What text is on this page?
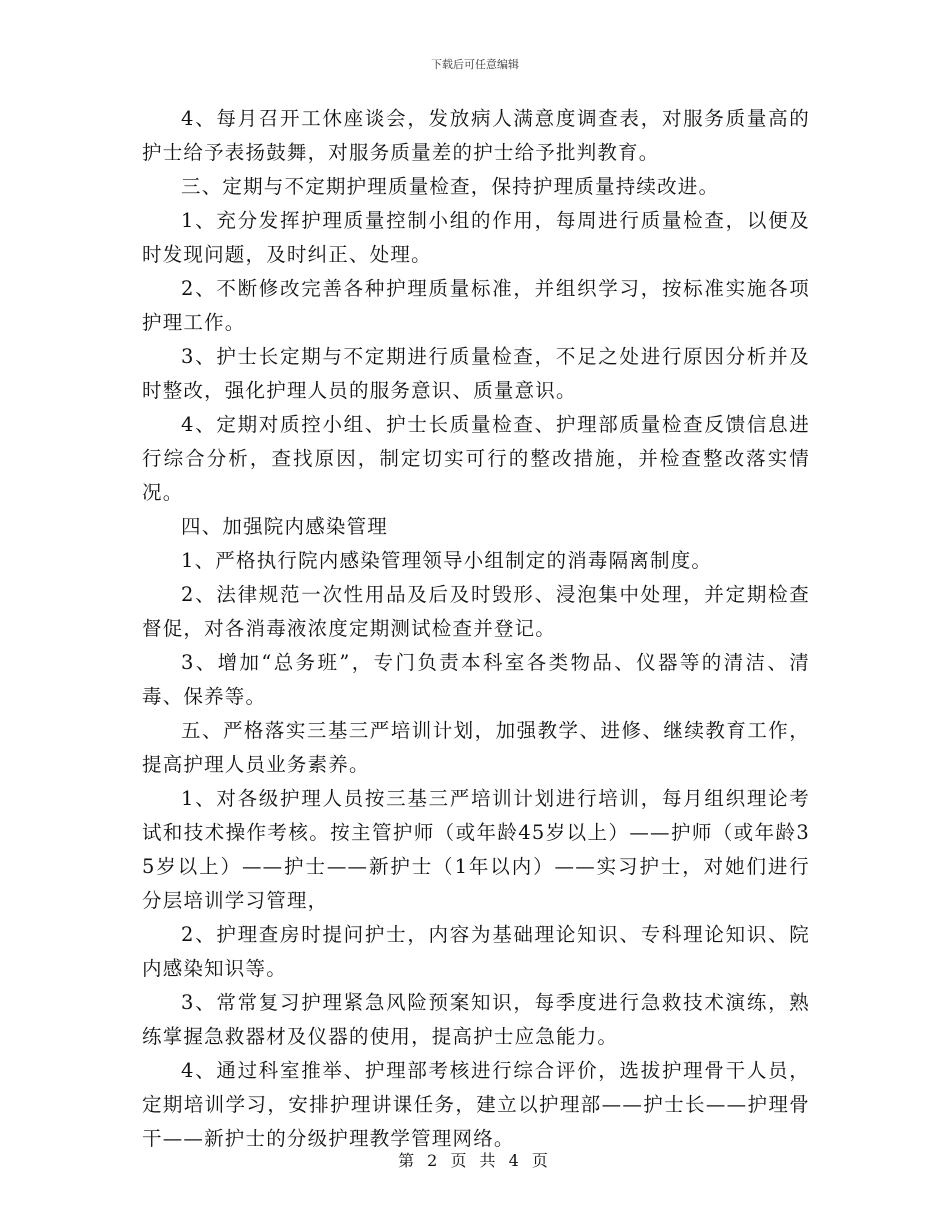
下载后可任意编辑

4、每月召开工休座谈会，发放病人满意度调查表，对服务质量高的护士给予表扬鼓舞，对服务质量差的护士给予批判教育。

三、定期与不定期护理质量检查，保持护理质量持续改进。

1、充分发挥护理质量控制小组的作用，每周进行质量检查，以便及时发现问题，及时纠正、处理。

2、不断修改完善各种护理质量标准，并组织学习，按标准实施各项护理工作。

3、护士长定期与不定期进行质量检查，不足之处进行原因分析并及时整改，强化护理人员的服务意识、质量意识。

4、定期对质控小组、护士长质量检查、护理部质量检查反馈信息进行综合分析，查找原因，制定切实可行的整改措施，并检查整改落实情况。

四、加强院内感染管理

1、严格执行院内感染管理领导小组制定的消毒隔离制度。

2、法律规范一次性用品及后及时毁形、浸泡集中处理，并定期检查督促，对各消毒液浓度定期测试检查并登记。

3、增加“总务班”，专门负责本科室各类物品、仪器等的清洁、清毒、保养等。

五、严格落实三基三严培训计划，加强教学、进修、继续教育工作，提高护理人员业务素养。

1、对各级护理人员按三基三严培训计划进行培训，每月组织理论考试和技术操作考核。按主管护师（或年龄45岁以上）——护师（或年龄35岁以上）——护士——新护士（1年以内）——实习护士，对她们进行分层培训学习管理，

2、护理查房时提问护士，内容为基础理论知识、专科理论知识、院内感染知识等。

3、常常复习护理紧急风险预案知识，每季度进行急救技术演练，熟练掌握急救器材及仪器的使用，提高护士应急能力。

4、通过科室推举、护理部考核进行综合评价，选拔护理骨干人员，定期培训学习，安排护理讲课任务，建立以护理部——护士长——护理骨干——新护士的分级护理教学管理网络。

第 2 页 共 4 页
